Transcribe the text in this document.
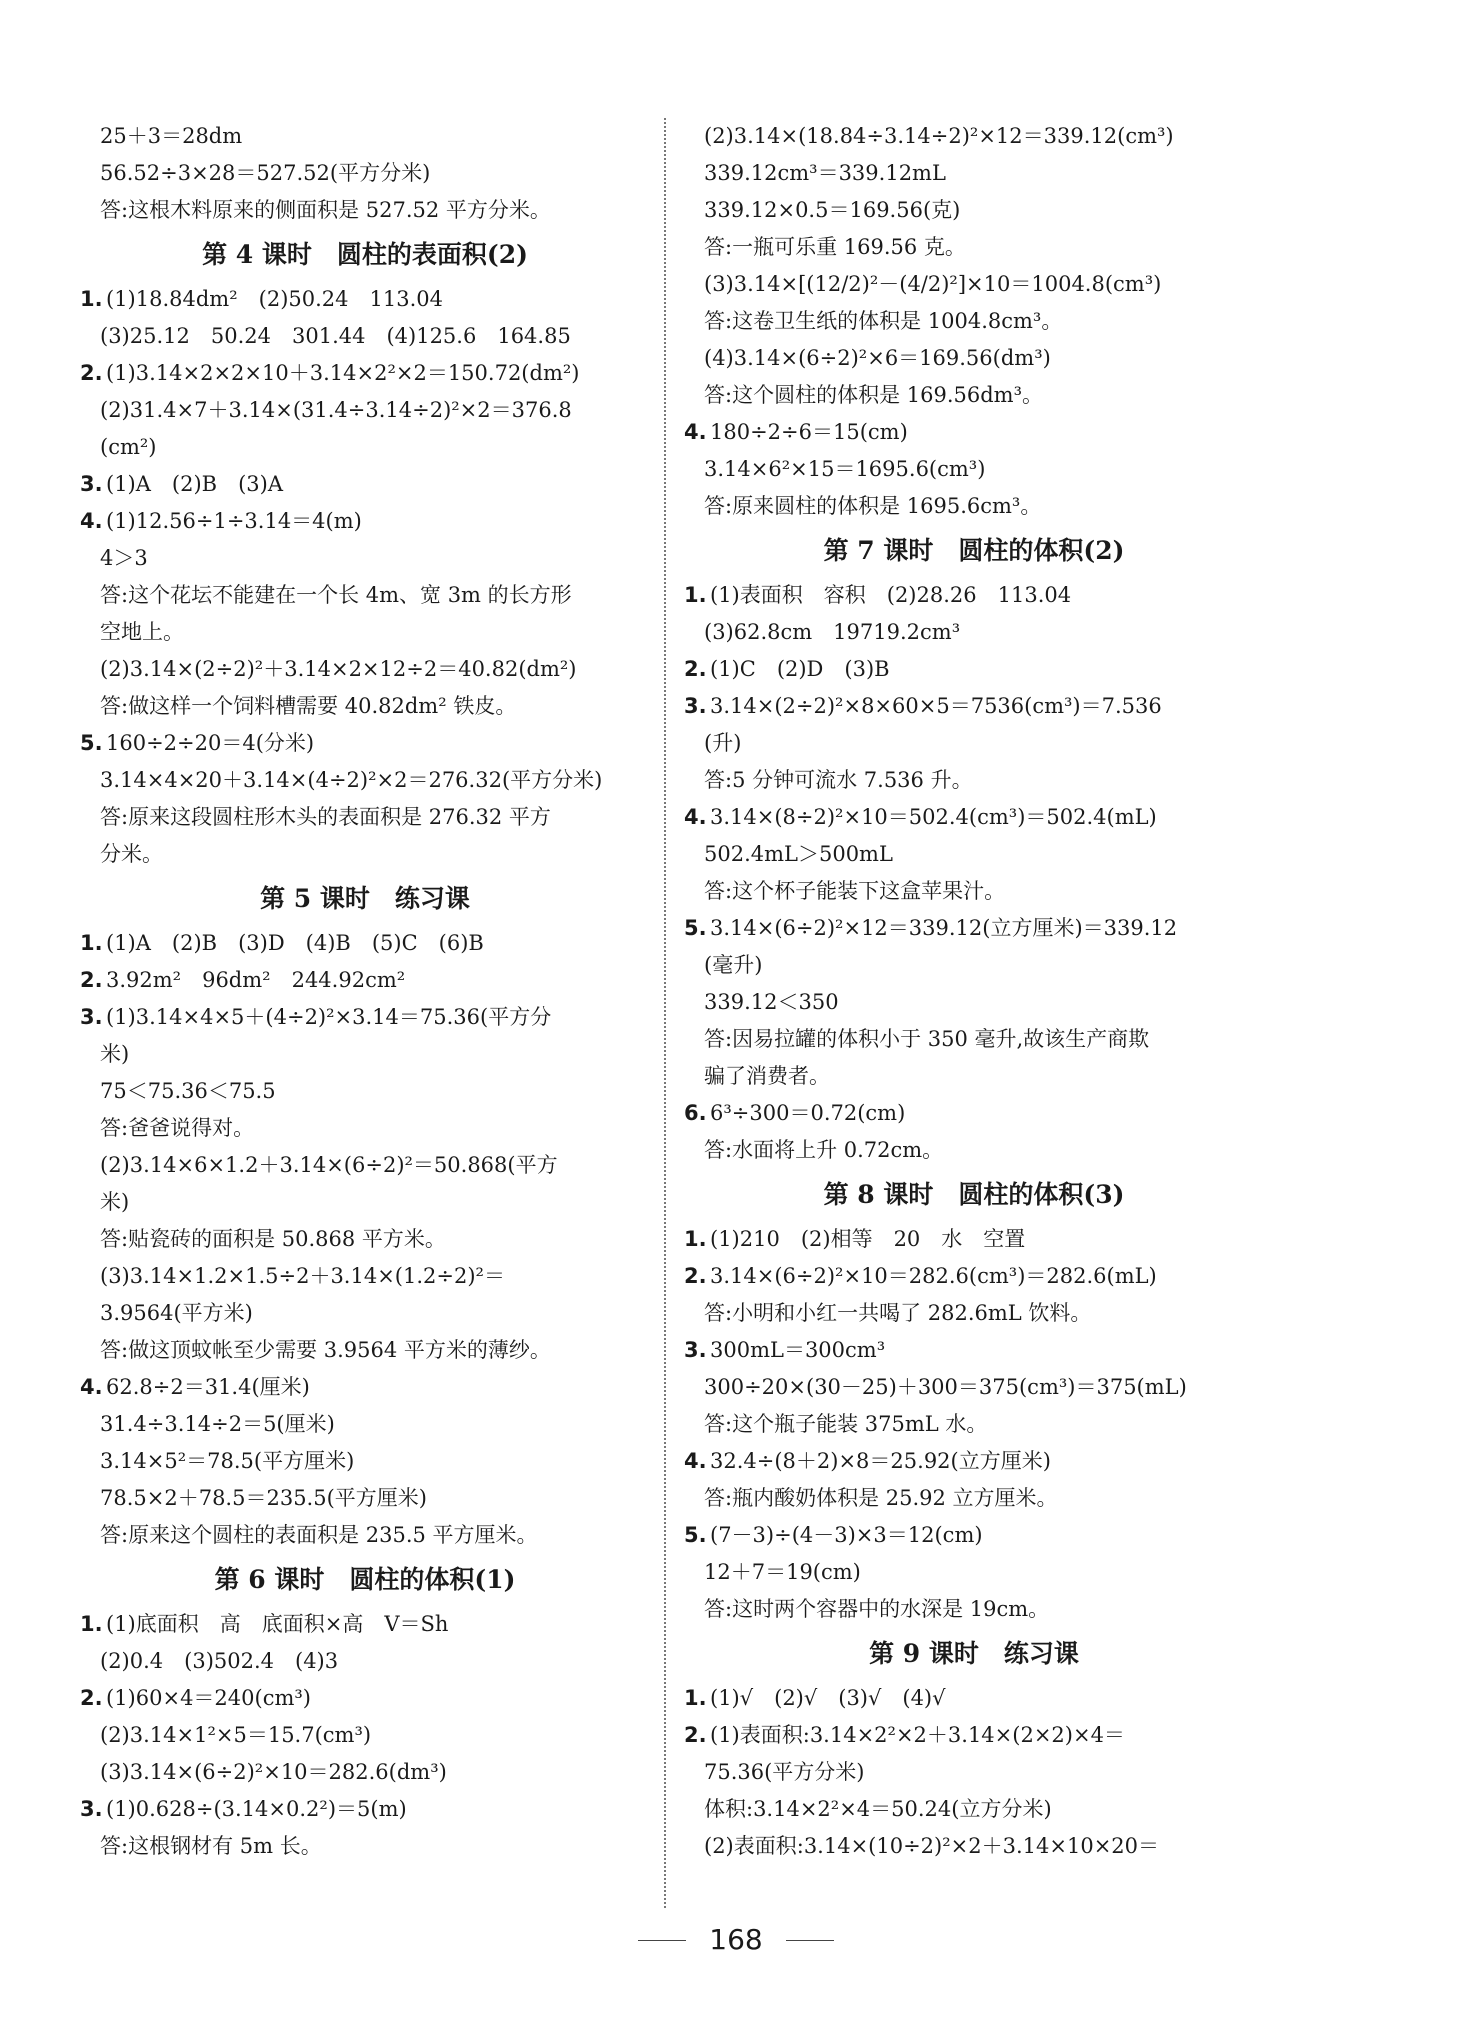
25＋3＝28dm
56.52÷3×28＝527.52(平方分米)
答:这根木料原来的侧面积是 527.52 平方分米。
第 4 课时　圆柱的表面积(2)
1. (1)18.84dm²　(2)50.24　113.04
(3)25.12　50.24　301.44　(4)125.6　164.85
2. (1)3.14×2×2×10＋3.14×2²×2＝150.72(dm²)
(2)31.4×7＋3.14×(31.4÷3.14÷2)²×2＝376.8
(cm²)
3. (1)A　(2)B　(3)A
4. (1)12.56÷1÷3.14＝4(m)
4＞3
答:这个花坛不能建在一个长 4m、宽 3m 的长方形
空地上。
(2)3.14×(2÷2)²＋3.14×2×12÷2＝40.82(dm²)
答:做这样一个饲料槽需要 40.82dm² 铁皮。
5. 160÷2÷20＝4(分米)
3.14×4×20＋3.14×(4÷2)²×2＝276.32(平方分米)
答:原来这段圆柱形木头的表面积是 276.32 平方
分米。
第 5 课时　练习课
1. (1)A　(2)B　(3)D　(4)B　(5)C　(6)B
2. 3.92m²　96dm²　244.92cm²
3. (1)3.14×4×5＋(4÷2)²×3.14＝75.36(平方分
米)
75＜75.36＜75.5
答:爸爸说得对。
(2)3.14×6×1.2＋3.14×(6÷2)²＝50.868(平方
米)
答:贴瓷砖的面积是 50.868 平方米。
(3)3.14×1.2×1.5÷2＋3.14×(1.2÷2)²＝
3.9564(平方米)
答:做这顶蚊帐至少需要 3.9564 平方米的薄纱。
4. 62.8÷2＝31.4(厘米)
31.4÷3.14÷2＝5(厘米)
3.14×5²＝78.5(平方厘米)
78.5×2＋78.5＝235.5(平方厘米)
答:原来这个圆柱的表面积是 235.5 平方厘米。
第 6 课时　圆柱的体积(1)
1. (1)底面积　高　底面积×高　V＝Sh
(2)0.4　(3)502.4　(4)3
2. (1)60×4＝240(cm³)
(2)3.14×1²×5＝15.7(cm³)
(3)3.14×(6÷2)²×10＝282.6(dm³)
3. (1)0.628÷(3.14×0.2²)＝5(m)
答:这根钢材有 5m 长。
(2)3.14×(18.84÷3.14÷2)²×12＝339.12(cm³)
339.12cm³＝339.12mL
339.12×0.5＝169.56(克)
答:一瓶可乐重 169.56 克。
(3)3.14×[(12/2)²－(4/2)²]×10＝1004.8(cm³)
答:这卷卫生纸的体积是 1004.8cm³。
(4)3.14×(6÷2)²×6＝169.56(dm³)
答:这个圆柱的体积是 169.56dm³。
4. 180÷2÷6＝15(cm)
3.14×6²×15＝1695.6(cm³)
答:原来圆柱的体积是 1695.6cm³。
第 7 课时　圆柱的体积(2)
1. (1)表面积　容积　(2)28.26　113.04
(3)62.8cm　19719.2cm³
2. (1)C　(2)D　(3)B
3. 3.14×(2÷2)²×8×60×5＝7536(cm³)＝7.536
(升)
答:5 分钟可流水 7.536 升。
4. 3.14×(8÷2)²×10＝502.4(cm³)＝502.4(mL)
502.4mL＞500mL
答:这个杯子能装下这盒苹果汁。
5. 3.14×(6÷2)²×12＝339.12(立方厘米)＝339.12
(毫升)
339.12＜350
答:因易拉罐的体积小于 350 毫升,故该生产商欺
骗了消费者。
6. 6³÷300＝0.72(cm)
答:水面将上升 0.72cm。
第 8 课时　圆柱的体积(3)
1. (1)210　(2)相等　20　水　空置
2. 3.14×(6÷2)²×10＝282.6(cm³)＝282.6(mL)
答:小明和小红一共喝了 282.6mL 饮料。
3. 300mL＝300cm³
300÷20×(30－25)＋300＝375(cm³)＝375(mL)
答:这个瓶子能装 375mL 水。
4. 32.4÷(8＋2)×8＝25.92(立方厘米)
答:瓶内酸奶体积是 25.92 立方厘米。
5. (7－3)÷(4－3)×3＝12(cm)
12＋7＝19(cm)
答:这时两个容器中的水深是 19cm。
第 9 课时　练习课
1. (1)√　(2)√　(3)√　(4)√
2. (1)表面积:3.14×2²×2＋3.14×(2×2)×4＝
75.36(平方分米)
体积:3.14×2²×4＝50.24(立方分米)
(2)表面积:3.14×(10÷2)²×2＋3.14×10×20＝
168
